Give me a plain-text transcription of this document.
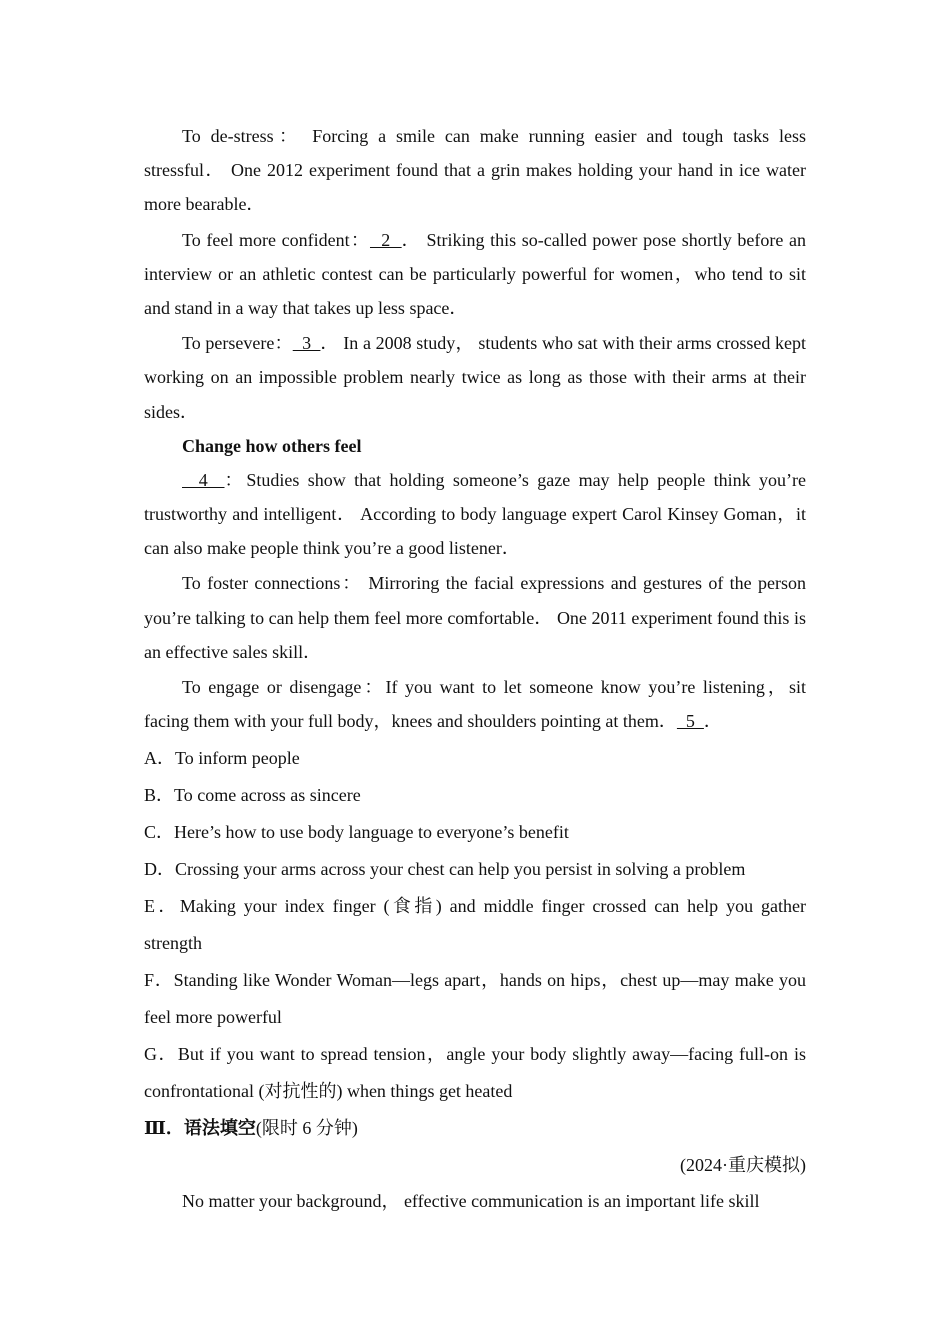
To de-stress： Forcing a smile can make running easier and tough tasks less stressful． One 2012 experiment found that a grin makes holding your hand in ice water more bearable．

To feel more confident：  2  ． Striking this so-called power pose shortly before an interview or an athletic contest can be particularly powerful for women，who tend to sit and stand in a way that takes up less space．

To persevere：  3  ． In a 2008 study， students who sat with their arms crossed kept working on an impossible problem nearly twice as long as those with their arms at their sides．

Change how others feel

4  ：Studies show that holding someone’s gaze may help people think you’re trustworthy and intelligent． According to body language expert Carol Kinsey Goman，it can also make people think you’re a good listener．

To foster connections： Mirroring the facial expressions and gestures of the person you’re talking to can help them feel more comfortable． One 2011 experiment found this is an effective sales skill．

To engage or disengage：If you want to let someone know you’re listening，sit facing them with your full body，knees and shoulders pointing at them．  5  ．

A．To inform people

B．To come across as sincere

C．Here’s how to use body language to everyone’s benefit

D．Crossing your arms across your chest can help you persist in solving a problem

E．Making your index finger (食指) and middle finger crossed can help you gather strength

F．Standing like Wonder Woman—legs apart，hands on hips，chest up—may make you feel more powerful

G．But if you want to spread tension，angle your body slightly away—facing full-on is confrontational (对抗性的) when things get heated

Ⅲ．语法填空(限时 6 分钟)

(2024·重庆模拟)

No matter your background， effective communication is an important life skill
